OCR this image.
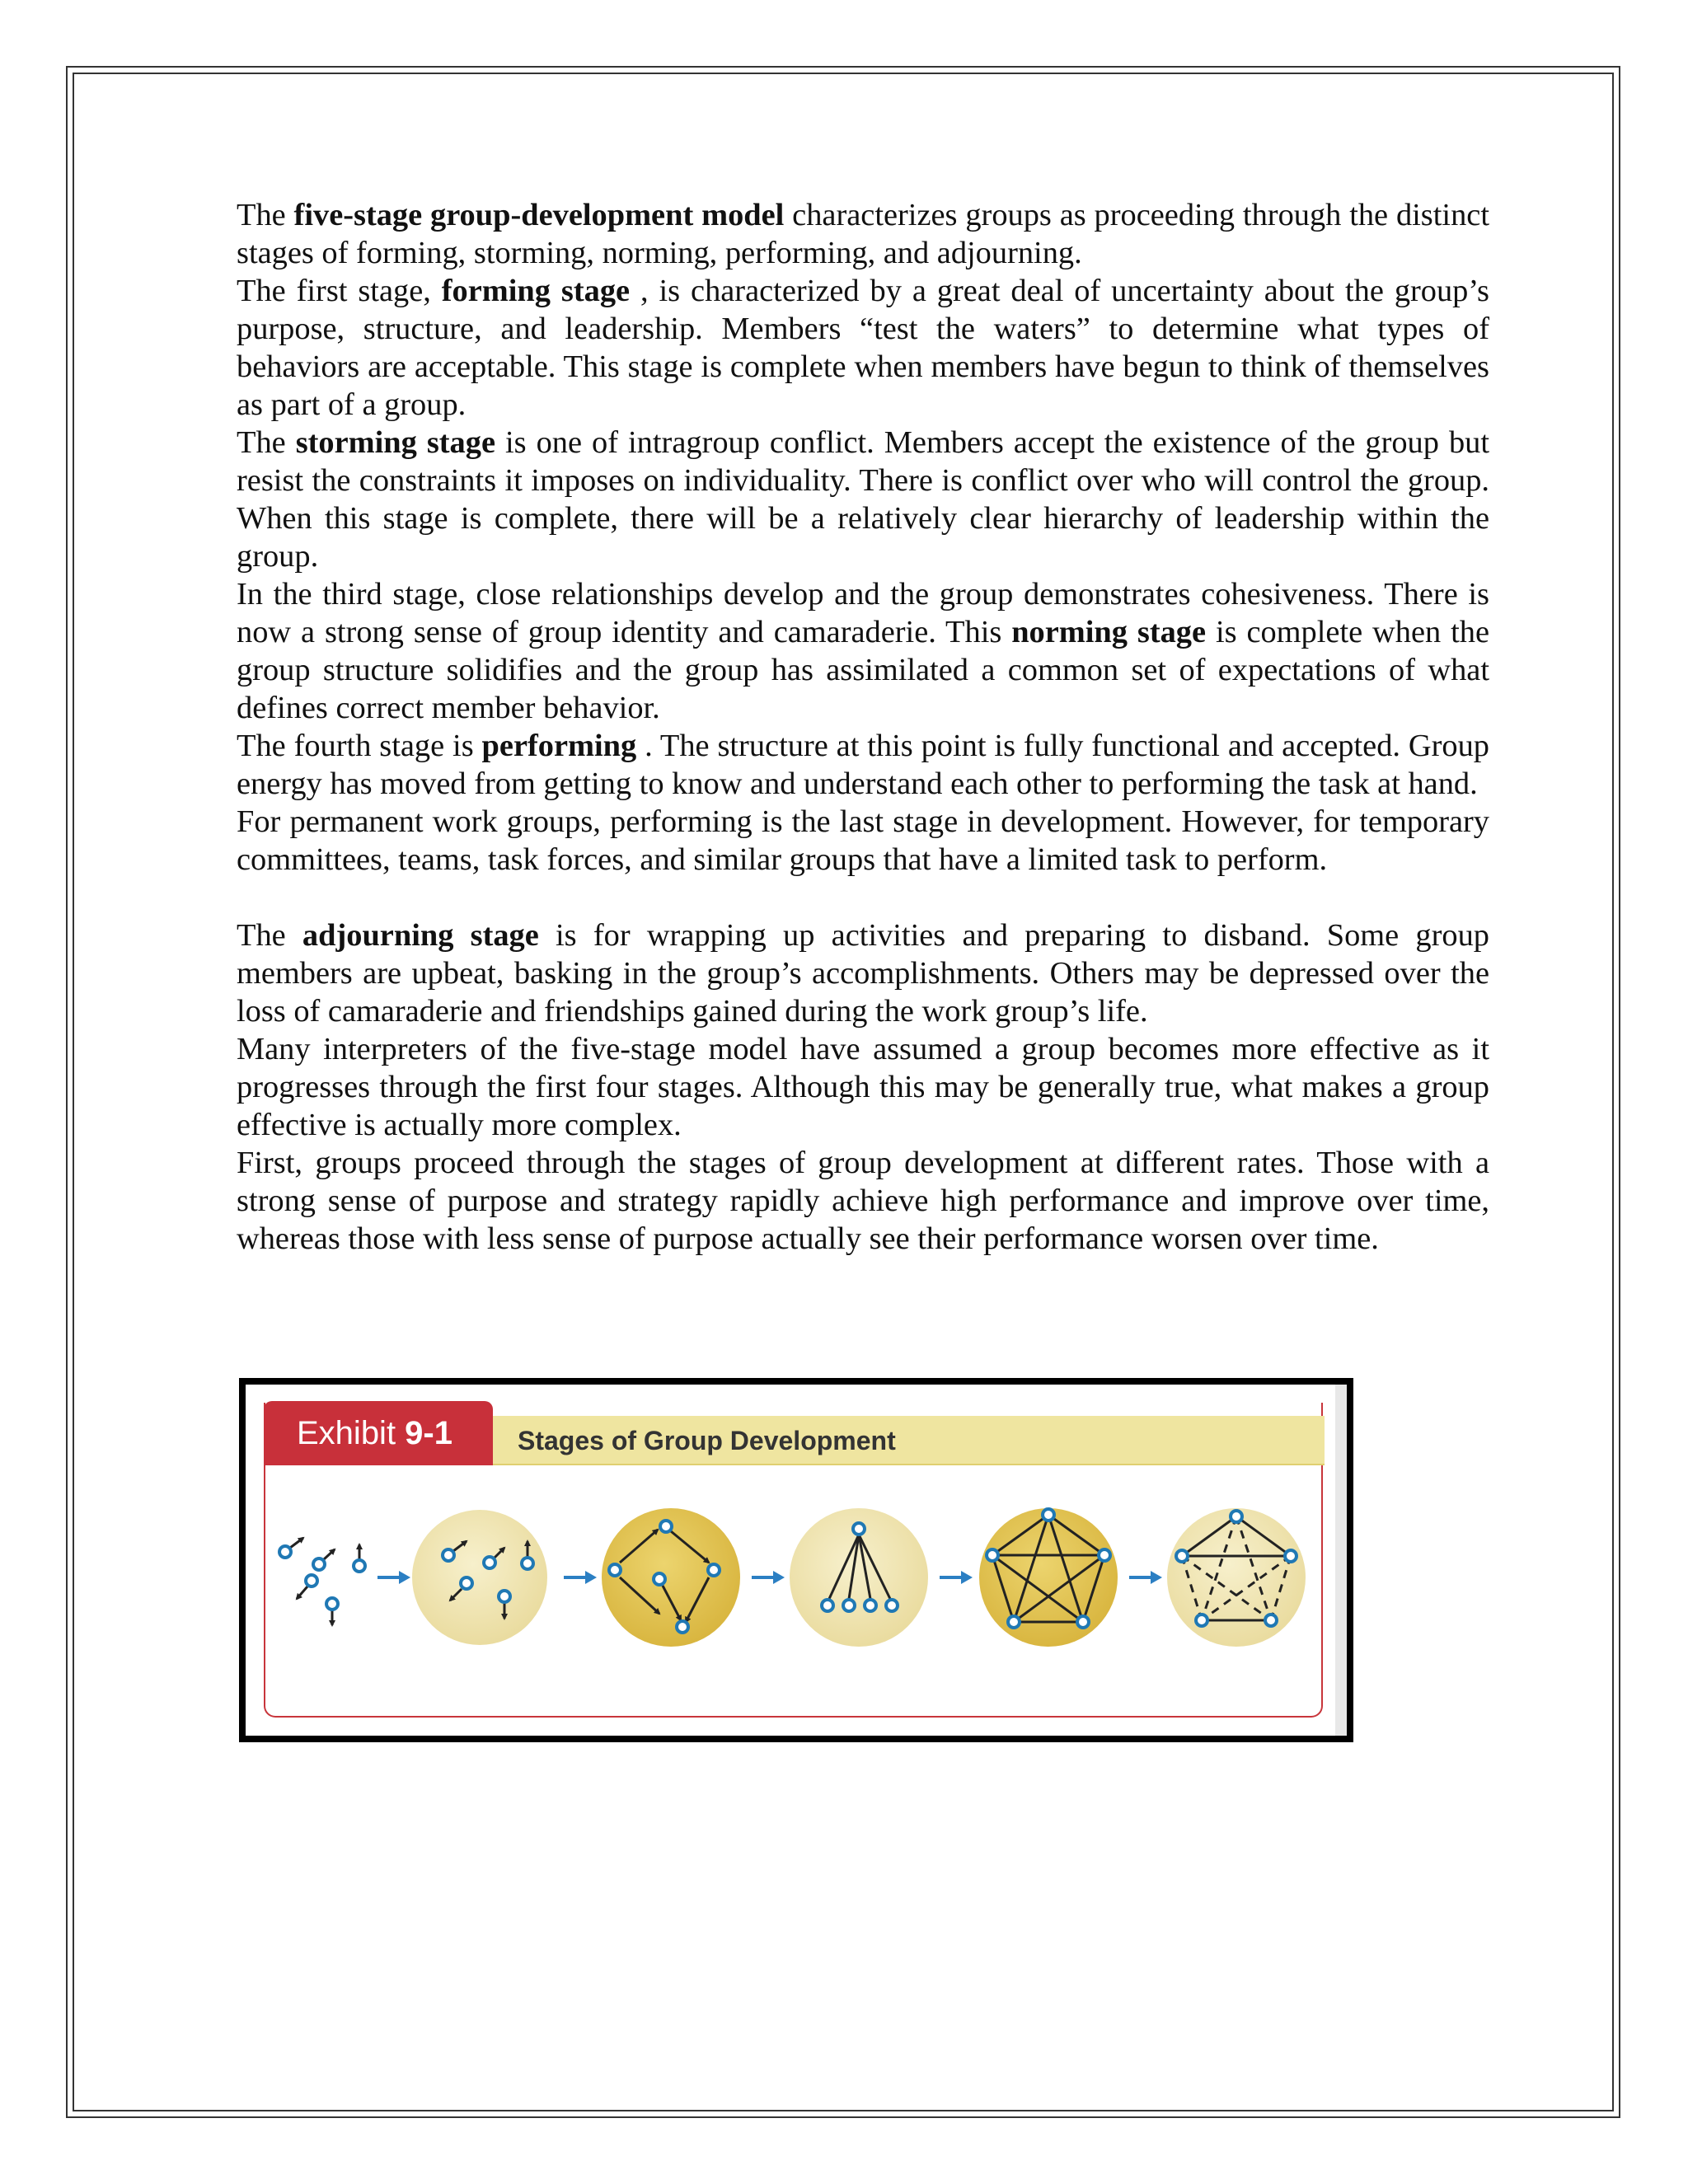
The five-stage group-development model characterizes groups as proceeding through the distinct stages of forming, storming, norming, performing, and adjourning.

The first stage, forming stage , is characterized by a great deal of uncertainty about the group’s purpose, structure, and leadership. Members “test the waters” to determine what types of behaviors are acceptable. This stage is complete when members have begun to think of themselves as part of a group.

The storming stage is one of intragroup conflict. Members accept the existence of the group but resist the constraints it imposes on individuality. There is conflict over who will control the group. When this stage is complete, there will be a relatively clear hierarchy of leadership within the group.

In the third stage, close relationships develop and the group demonstrates cohesiveness. There is now a strong sense of group identity and camaraderie. This norming stage is complete when the group structure solidifies and the group has assimilated a common set of expectations of what defines correct member behavior.

The fourth stage is performing . The structure at this point is fully functional and accepted. Group energy has moved from getting to know and understand each other to performing the task at hand.

For permanent work groups, performing is the last stage in development. However, for temporary committees, teams, task forces, and similar groups that have a limited task to perform.

The adjourning stage is for wrapping up activities and preparing to disband. Some group members are upbeat, basking in the group’s accomplishments. Others may be depressed over the loss of camaraderie and friendships gained during the work group’s life.

Many interpreters of the five-stage model have assumed a group becomes more effective as it progresses through the first four stages. Although this may be generally true, what makes a group effective is actually more complex.

First, groups proceed through the stages of group development at different rates. Those with a strong sense of purpose and strategy rapidly achieve high performance and improve over time, whereas those with less sense of purpose actually see their performance worsen over time.

Exhibit 9-1	Stages of Group Development
